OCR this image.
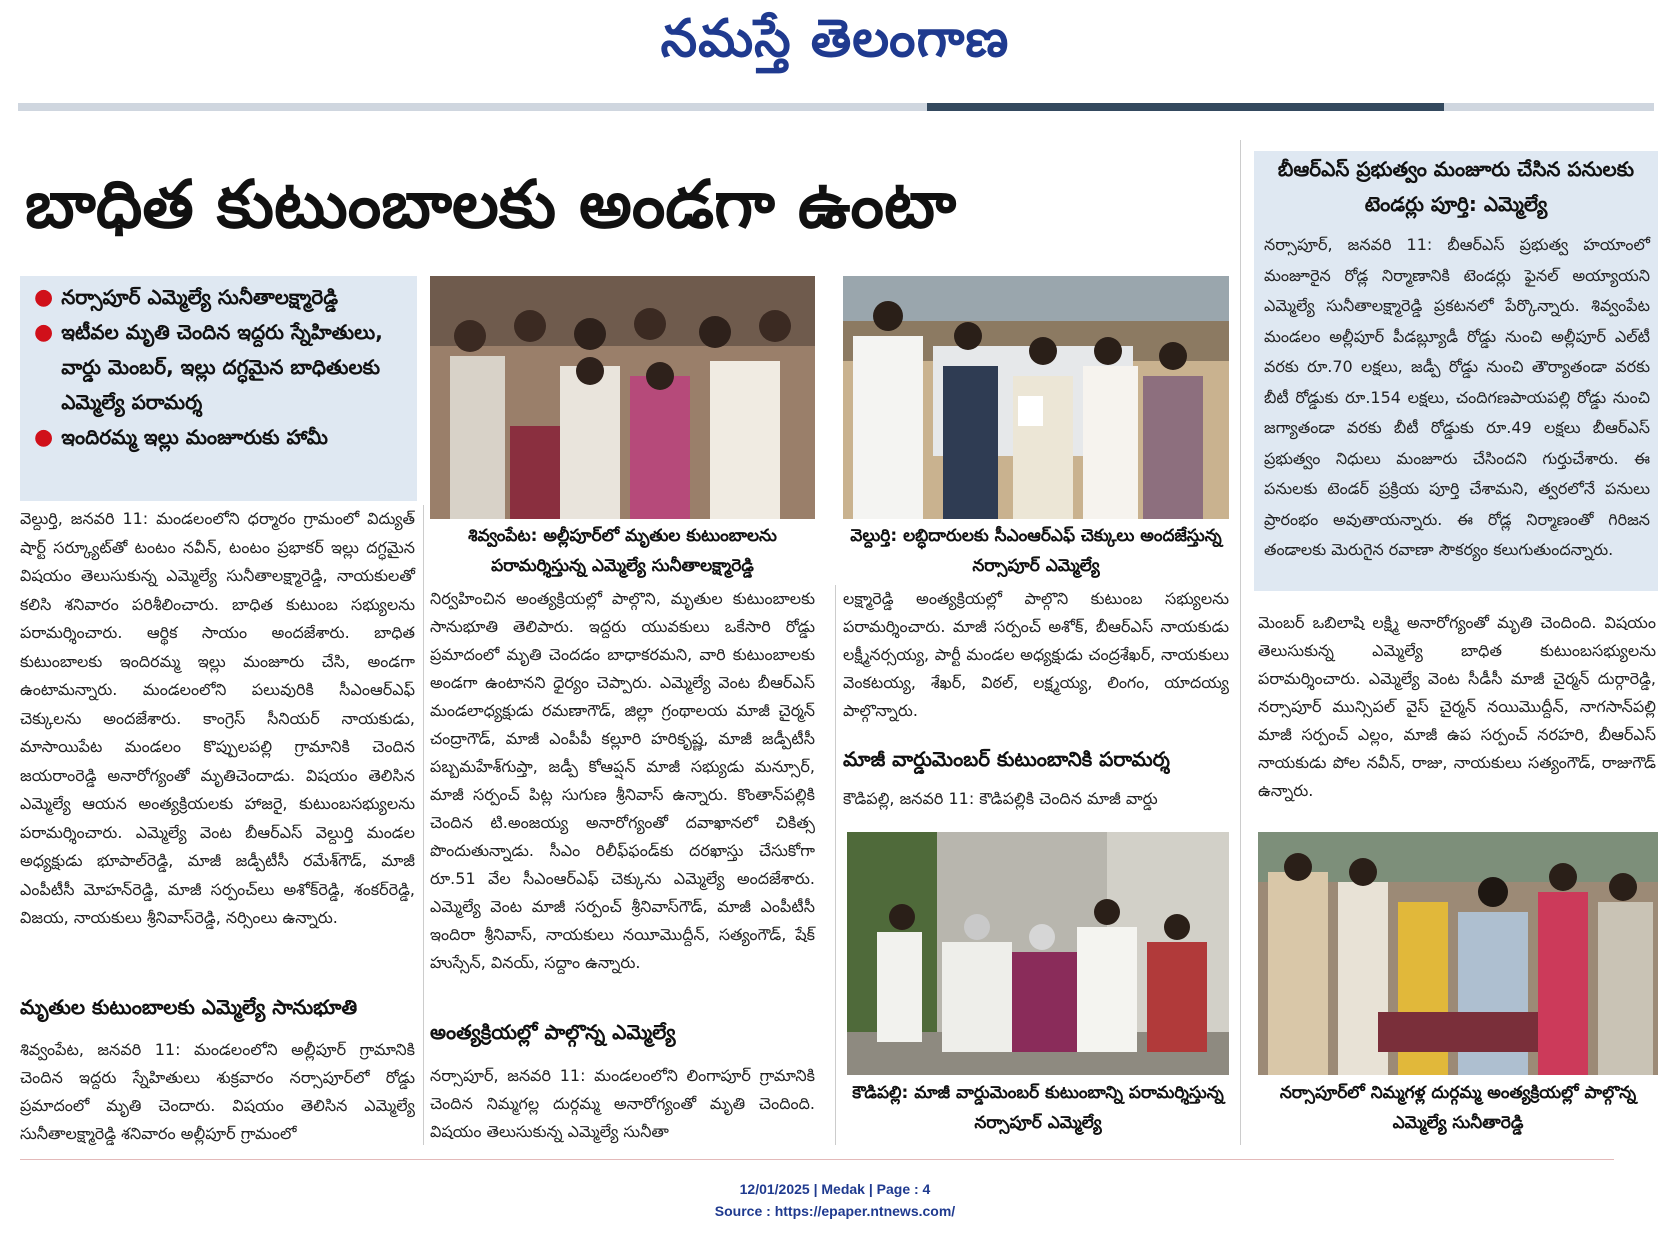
నమస్తే తెలంగాణ
బాధిత కుటుంబాలకు అండగా ఉంటా
● నర్సాపూర్ ఎమ్మెల్యే సునీతాలక్ష్మారెడ్డి
● ఇటీవల మృతి చెందిన ఇద్దరు స్నేహితులు, వార్డు మెంబర్, ఇల్లు దగ్ధమైన బాధితులకు ఎమ్మెల్యే పరామర్శ
● ఇందిరమ్మ ఇల్లు మంజూరుకు హామీ
శివ్వంపేట: అల్లీపూర్‌లో మృతుల కుటుంబాలను పరామర్శిస్తున్న ఎమ్మెల్యే సునీతాలక్ష్మారెడ్డి
వెల్దుర్తి: లబ్ధిదారులకు సీఎంఆర్‌ఎఫ్ చెక్కులు అందజేస్తున్న నర్సాపూర్ ఎమ్మెల్యే
బీఆర్‌ఎస్ ప్రభుత్వం మంజూరు చేసిన పనులకు టెండర్లు పూర్తి: ఎమ్మెల్యే
నర్సాపూర్, జనవరి 11: బీఆర్‌ఎస్ ప్రభుత్వ హయాంలో మంజూరైన రోడ్ల నిర్మాణానికి టెండర్లు ఫైనల్ అయ్యాయని ఎమ్మెల్యే సునీతాలక్ష్మారెడ్డి ప్రకటనలో పేర్కొన్నారు. శివ్వంపేట మండలం అల్లీపూర్ పీడబ్ల్యూడీ రోడ్డు నుంచి అల్లీపూర్ ఎల్‌టీ వరకు రూ.70 లక్షలు, జడ్పీ రోడ్డు నుంచి తౌర్యాతండా వరకు బీటీ రోడ్డుకు రూ.154 లక్షలు, చందిగణపాయపల్లి రోడ్డు నుంచి జగ్యాతండా వరకు బీటీ రోడ్డుకు రూ.49 లక్షలు బీఆర్‌ఎస్ ప్రభుత్వం నిధులు మంజూరు చేసిందని గుర్తుచేశారు. ఈ పనులకు టెండర్ ప్రక్రియ పూర్తి చేశామని, త్వరలోనే పనులు ప్రారంభం అవుతాయన్నారు. ఈ రోడ్ల నిర్మాణంతో గిరిజన తండాలకు మెరుగైన రవాణా సౌకర్యం కలుగుతుందన్నారు.
వెల్దుర్తి, జనవరి 11: మండలంలోని ధర్మారం గ్రామంలో విద్యుత్ షార్ట్ సర్క్యూట్‌తో టంటం నవీన్, టంటం ప్రభాకర్ ఇల్లు దగ్ధమైన విషయం తెలుసుకున్న ఎమ్మెల్యే సునీతాలక్ష్మారెడ్డి, నాయకులతో కలిసి శనివారం పరిశీలించారు. బాధిత కుటుంబ సభ్యులను పరామర్శించారు. ఆర్థిక సాయం అందజేశారు. బాధిత కుటుంబాలకు ఇందిరమ్మ ఇల్లు మంజూరు చేసి, అండగా ఉంటామన్నారు. మండలంలోని పలువురికి సీఎంఆర్‌ఎఫ్ చెక్కులను అందజేశారు. కాంగ్రెస్ సీనియర్ నాయకుడు, మాసాయిపేట మండలం కొప్పులపల్లి గ్రామానికి చెందిన జయరాంరెడ్డి అనారోగ్యంతో మృతిచెందాడు. విషయం తెలిసిన ఎమ్మెల్యే ఆయన అంత్యక్రియలకు హాజరై, కుటుంబసభ్యులను పరామర్శించారు. ఎమ్మెల్యే వెంట బీఆర్‌ఎస్ వెల్దుర్తి మండల అధ్యక్షుడు భూపాల్‌రెడ్డి, మాజీ జడ్పీటీసీ రమేశ్‌గౌడ్, మాజీ ఎంపీటీసీ మోహన్‌రెడ్డి, మాజీ సర్పంచ్‌లు అశోక్‌రెడ్డి, శంకర్‌రెడ్డి, విజయ, నాయకులు శ్రీనివాస్‌రెడ్డి, నర్సింలు ఉన్నారు.
మృతుల కుటుంబాలకు ఎమ్మెల్యే సానుభూతి
శివ్వంపేట, జనవరి 11: మండలంలోని అల్లీపూర్ గ్రామానికి చెందిన ఇద్దరు స్నేహితులు శుక్రవారం నర్సాపూర్‌లో రోడ్డు ప్రమాదంలో మృతి చెందారు. విషయం తెలిసిన ఎమ్మెల్యే సునీతాలక్ష్మారెడ్డి శనివారం అల్లీపూర్ గ్రామంలో
నిర్వహించిన అంత్యక్రియల్లో పాల్గొని, మృతుల కుటుంబాలకు సానుభూతి తెలిపారు. ఇద్దరు యువకులు ఒకేసారి రోడ్డు ప్రమాదంలో మృతి చెందడం బాధాకరమని, వారి కుటుంబాలకు అండగా ఉంటానని ధైర్యం చెప్పారు. ఎమ్మెల్యే వెంట బీఆర్‌ఎస్ మండలాధ్యక్షుడు రమణాగౌడ్, జిల్లా గ్రంథాలయ మాజీ చైర్మన్ చంద్రాగౌడ్, మాజీ ఎంపీపీ కల్లూరి హరికృష్ణ, మాజీ జడ్పీటీసీ పబ్బమహేశ్‌గుప్తా, జడ్పీ కోఆప్షన్ మాజీ సభ్యుడు మన్సూర్, మాజీ సర్పంచ్ పిట్ల సుగుణ శ్రీనివాస్ ఉన్నారు. కొంతాన్‌పల్లికి చెందిన టి.అంజయ్య అనారోగ్యంతో దవాఖానలో చికిత్స పొందుతున్నాడు. సీఎం రిలీఫ్‌ఫండ్‌కు దరఖాస్తు చేసుకోగా రూ.51 వేల సీఎంఆర్‌ఎఫ్ చెక్కును ఎమ్మెల్యే అందజేశారు. ఎమ్మెల్యే వెంట మాజీ సర్పంచ్ శ్రీనివాస్‌గౌడ్, మాజీ ఎంపీటీసీ ఇందిరా శ్రీనివాస్, నాయకులు నయీమొద్దీన్, సత్యంగౌడ్, షేక్ హుస్సేన్, వినయ్, సద్దాం ఉన్నారు.
అంత్యక్రియల్లో పాల్గొన్న ఎమ్మెల్యే
నర్సాపూర్, జనవరి 11: మండలంలోని లింగాపూర్ గ్రామానికి చెందిన నిమ్మగల్ల దుర్గమ్మ అనారోగ్యంతో మృతి చెందింది. విషయం తెలుసుకున్న ఎమ్మెల్యే సునీతా
లక్ష్మారెడ్డి అంత్యక్రియల్లో పాల్గొని కుటుంబ సభ్యులను పరామర్శించారు. మాజీ సర్పంచ్ అశోక్, బీఆర్‌ఎస్ నాయకుడు లక్ష్మీనర్సయ్య, పార్టీ మండల అధ్యక్షుడు చంద్రశేఖర్, నాయకులు వెంకటయ్య, శేఖర్, విఠల్, లక్ష్మయ్య, లింగం, యాదయ్య పాల్గొన్నారు.
మాజీ వార్డుమెంబర్ కుటుంబానికి పరామర్శ
కౌడిపల్లి, జనవరి 11: కౌడిపల్లికి చెందిన మాజీ వార్డు
మెంబర్ ఒబిలాషి లక్ష్మి అనారోగ్యంతో మృతి చెందింది. విషయం తెలుసుకున్న ఎమ్మెల్యే బాధిత కుటుంబసభ్యులను పరామర్శించారు. ఎమ్మెల్యే వెంట సీడీసీ మాజీ చైర్మన్ దుర్గారెడ్డి, నర్సాపూర్ మున్సిపల్ వైస్ చైర్మన్ నయిమొద్దీన్, నాగసాన్‌పల్లి మాజీ సర్పంచ్ ఎల్లం, మాజీ ఉప సర్పంచ్ నరహరి, బీఆర్‌ఎస్ నాయకుడు పోల నవీన్, రాజు, నాయకులు సత్యంగౌడ్, రాజుగౌడ్ ఉన్నారు.
కౌడిపల్లి: మాజీ వార్డుమెంబర్ కుటుంబాన్ని పరామర్శిస్తున్న నర్సాపూర్ ఎమ్మెల్యే
నర్సాపూర్‌లో నిమ్మగళ్ల దుర్గమ్మ అంత్యక్రియల్లో పాల్గొన్న ఎమ్మెల్యే సునీతారెడ్డి
12/01/2025 | Medak | Page : 4
Source : https://epaper.ntnews.com/
